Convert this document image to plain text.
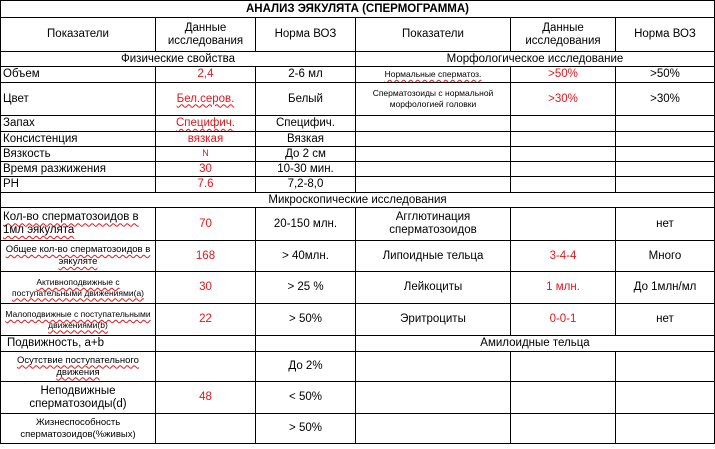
АНАЛИЗ ЭЯКУЛЯТА (СПЕРМОГРАММА)					
Показатели	Данные исследования	Норма ВОЗ	Показатели	Данные исследования	Норма ВОЗ
Физические свойства			Морфологическое исследование		
Объем	2,4	2-6 мл	Нормальные сперматоз.	>50%	>50%
Цвет	Бел.серов.	Белый	Сперматозоиды с нормальной морфологией головки	>30%	>30%
Запах	Специфич.	Специфич.			
Консистенция	вязкая	Вязкая			
Вязкость	N	До 2 см			
Время разжижения	30	10-30 мин.			
PH	7.6	7,2-8,0			
Микроскопические исследования					
Кол-во сперматозоидов в 1мл эякулята	70	20-150 млн.	Агглютинация сперматозоидов		нет
Общее кол-во сперматозоидов в эякуляте	168	> 40млн.	Липоидные тельца	3-4-4	Много
Активноподвижные с поступательными движениями(а)	30	> 25 %	Лейкоциты	1 млн.	До 1млн/мл
Малоподвижные с поступательными движениями(b)	22	> 50%	Эритроциты	0-0-1	нет
Подвижность, a+b			Амилоидные тельца		
Осутствие поступательного движения		До 2%			
Неподвижные сперматозоиды(d)	48	< 50%			
Жизнеспособность сперматозоидов(%живых)		> 50%			
